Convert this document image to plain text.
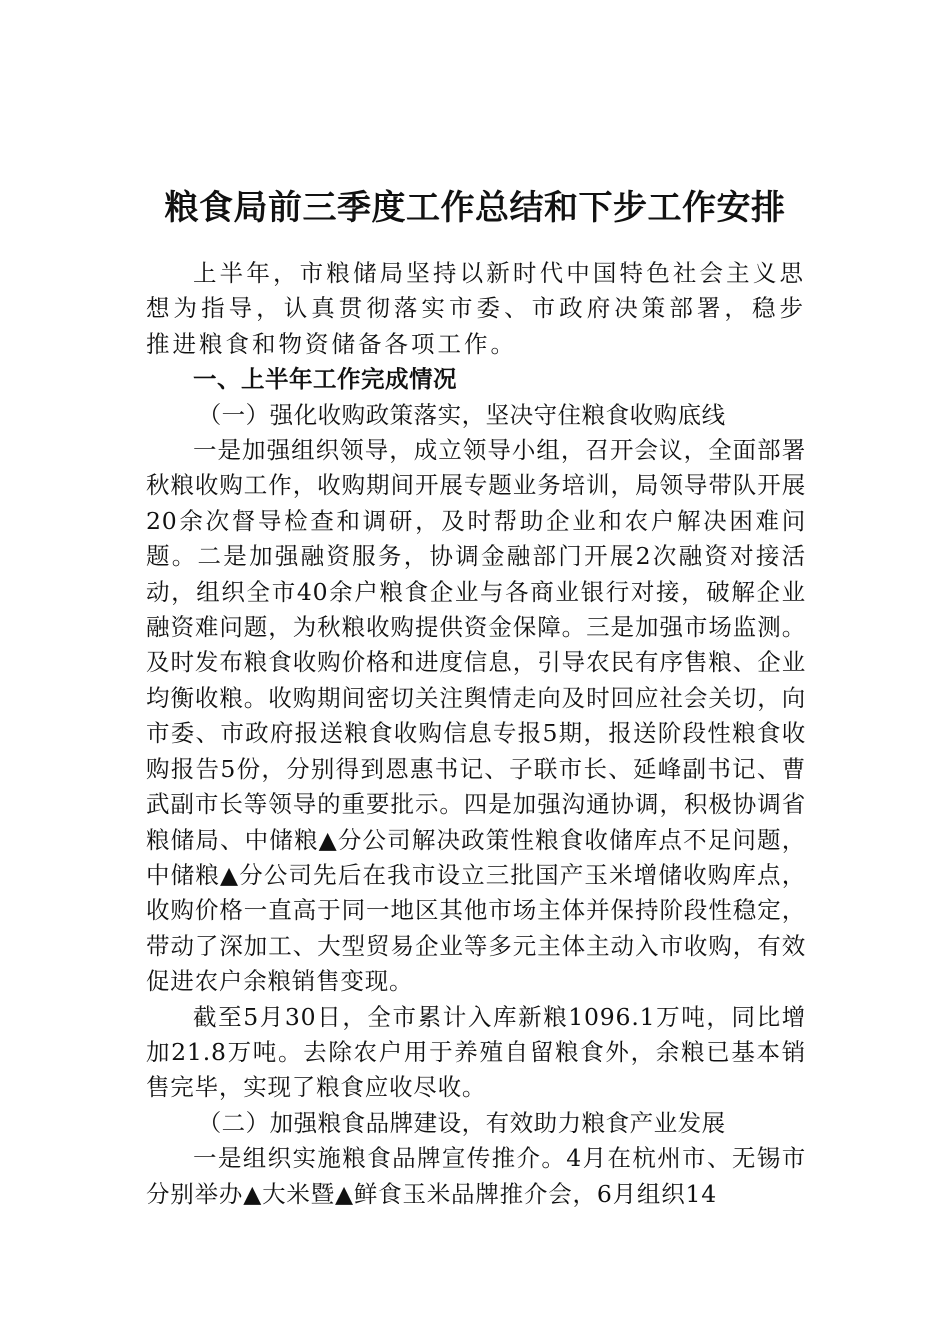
粮食局前三季度工作总结和下步工作安排

上半年，市粮储局坚持以新时代中国特色社会主义思想为指导，认真贯彻落实市委、市政府决策部署，稳步推进粮食和物资储备各项工作。

一、上半年工作完成情况
（一）强化收购政策落实，坚决守住粮食收购底线

一是加强组织领导，成立领导小组，召开会议，全面部署秋粮收购工作，收购期间开展专题业务培训，局领导带队开展20余次督导检查和调研，及时帮助企业和农户解决困难问题。二是加强融资服务，协调金融部门开展2次融资对接活动，组织全市40余户粮食企业与各商业银行对接，破解企业融资难问题，为秋粮收购提供资金保障。三是加强市场监测。及时发布粮食收购价格和进度信息，引导农民有序售粮、企业均衡收粮。收购期间密切关注舆情走向及时回应社会关切，向市委、市政府报送粮食收购信息专报5期，报送阶段性粮食收购报告5份，分别得到恩惠书记、子联市长、延峰副书记、曹武副市长等领导的重要批示。四是加强沟通协调，积极协调省粮储局、中储粮▲分公司解决政策性粮食收储库点不足问题，中储粮▲分公司先后在我市设立三批国产玉米增储收购库点，收购价格一直高于同一地区其他市场主体并保持阶段性稳定，带动了深加工、大型贸易企业等多元主体主动入市收购，有效促进农户余粮销售变现。

截至5月30日，全市累计入库新粮1096.1万吨，同比增加21.8万吨。去除农户用于养殖自留粮食外，余粮已基本销售完毕，实现了粮食应收尽收。

（二）加强粮食品牌建设，有效助力粮食产业发展

一是组织实施粮食品牌宣传推介。4月在杭州市、无锡市分别举办▲大米暨▲鲜食玉米品牌推介会，6月组织14
